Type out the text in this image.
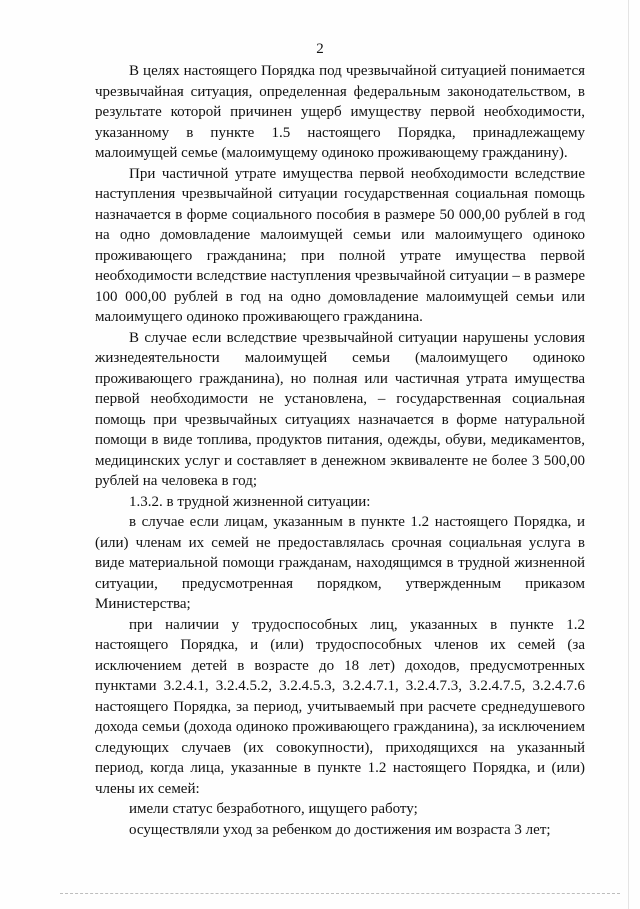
2

В целях настоящего Порядка под чрезвычайной ситуацией понимается чрезвычайная ситуация, определенная федеральным законодательством, в результате которой причинен ущерб имуществу первой необходимости, указанному в пункте 1.5 настоящего Порядка, принадлежащему малоимущей семье (малоимущему одиноко проживающему гражданину).

При частичной утрате имущества первой необходимости вследствие наступления чрезвычайной ситуации государственная социальная помощь назначается в форме социального пособия в размере 50 000,00 рублей в год на одно домовладение малоимущей семьи или малоимущего одиноко проживающего гражданина; при полной утрате имущества первой необходимости вследствие наступления чрезвычайной ситуации – в размере 100 000,00 рублей в год на одно домовладение малоимущей семьи или малоимущего одиноко проживающего гражданина.

В случае если вследствие чрезвычайной ситуации нарушены условия жизнедеятельности малоимущей семьи (малоимущего одиноко проживающего гражданина), но полная или частичная утрата имущества первой необходимости не установлена, – государственная социальная помощь при чрезвычайных ситуациях назначается в форме натуральной помощи в виде топлива, продуктов питания, одежды, обуви, медикаментов, медицинских услуг и составляет в денежном эквиваленте не более 3 500,00 рублей на человека в год;

1.3.2. в трудной жизненной ситуации:

в случае если лицам, указанным в пункте 1.2 настоящего Порядка, и (или) членам их семей не предоставлялась срочная социальная услуга в виде материальной помощи гражданам, находящимся в трудной жизненной ситуации, предусмотренная порядком, утвержденным приказом Министерства;

при наличии у трудоспособных лиц, указанных в пункте 1.2 настоящего Порядка, и (или) трудоспособных членов их семей (за исключением детей в возрасте до 18 лет) доходов, предусмотренных пунктами 3.2.4.1, 3.2.4.5.2, 3.2.4.5.3, 3.2.4.7.1, 3.2.4.7.3, 3.2.4.7.5, 3.2.4.7.6 настоящего Порядка, за период, учитываемый при расчете среднедушевого дохода семьи (дохода одиноко проживающего гражданина), за исключением следующих случаев (их совокупности), приходящихся на указанный период, когда лица, указанные в пункте 1.2 настоящего Порядка, и (или) члены их семей:

имели статус безработного, ищущего работу;

осуществляли уход за ребенком до достижения им возраста 3 лет;
